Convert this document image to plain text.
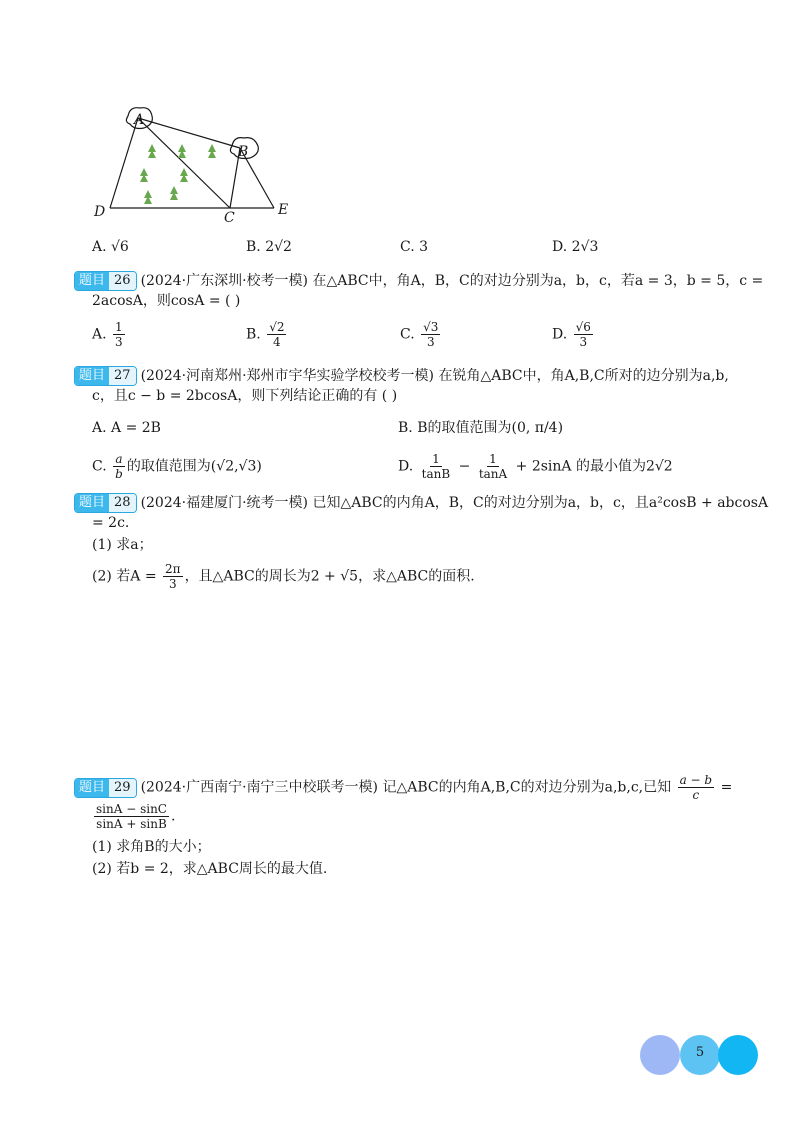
A
B
C
D	E
A. √6	B. 2√2	C. 3	D. 2√3
题目 26 (2024·广东深圳·校考一模) 在△ABC中，角A，B，C的对边分别为a，b，c，若a = 3，b = 5，c =
2acosA，则cosA = ( )
A. $\frac{1}{3}$	B. $\frac{√2}{4}$	C. $\frac{√3}{3}$	D. $\frac{√6}{3}$
题目 27 (2024·河南郑州·郑州市宇华实验学校校考一模) 在锐角△ABC中，角A,B,C所对的边分别为a,b,
c，且c − b = 2bcosA，则下列结论正确的有 ( )
A. A = 2B	B. B的取值范围为(0, π/4)
C. $\frac{a}{b}$ 的取值范围为(√2,√3)	D. $\frac{1}{\tan B} - \frac{1}{\tan A} + 2\sin A$ 的最小值为2√2
题目 28 (2024·福建厦门·统考一模) 已知△ABC的内角A，B，C的对边分别为a，b，c，且a²cosB + abcosA
= 2c.
(1) 求a；
(2) 若$A = \frac{2\pi}{3}$ ，且△ABC的周长为2 + √5，求△ABC的面积.
题目 29 (2024·广西南宁·南宁三中校联考一模) 记△ABC的内角A,B,C的对边分别为a,b,c,已知 $\frac{a - b}{c}$ =
$\frac{\sin A - \sin C}{\sin A + \sin B}$ .
(1) 求角B的大小；
(2) 若b = 2，求△ABC周长的最大值.
5
